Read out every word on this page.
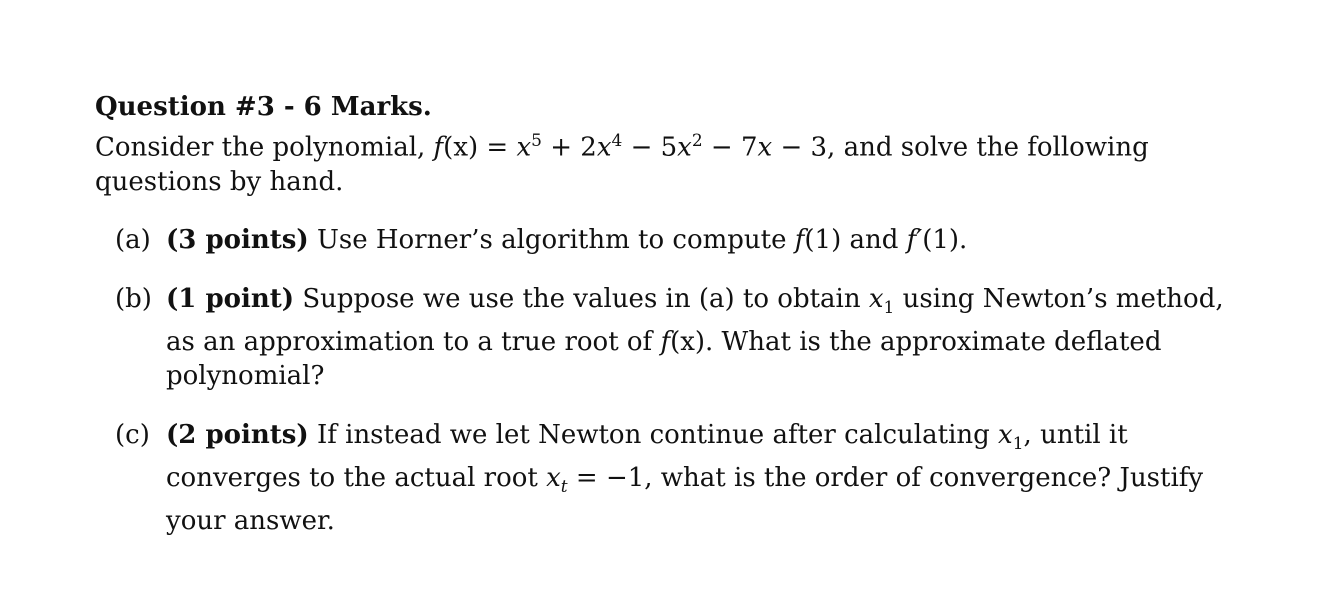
Question #3 - 6 Marks.

Consider the polynomial, $f(x) = x^5 + 2x^4 - 5x^2 - 7x - 3$, and solve the following questions by hand.

(a) (3 points) Use Horner’s algorithm to compute f(1) and f′(1).
(b) (1 point) Suppose we use the values in (a) to obtain $x_1$ using Newton’s method, as an approximation to a true root of f(x). What is the approximate deflated polynomial?
(c) (2 points) If instead we let Newton continue after calculating $x_1$, until it converges to the actual root $x_t = -1$, what is the order of convergence? Justify your answer.
